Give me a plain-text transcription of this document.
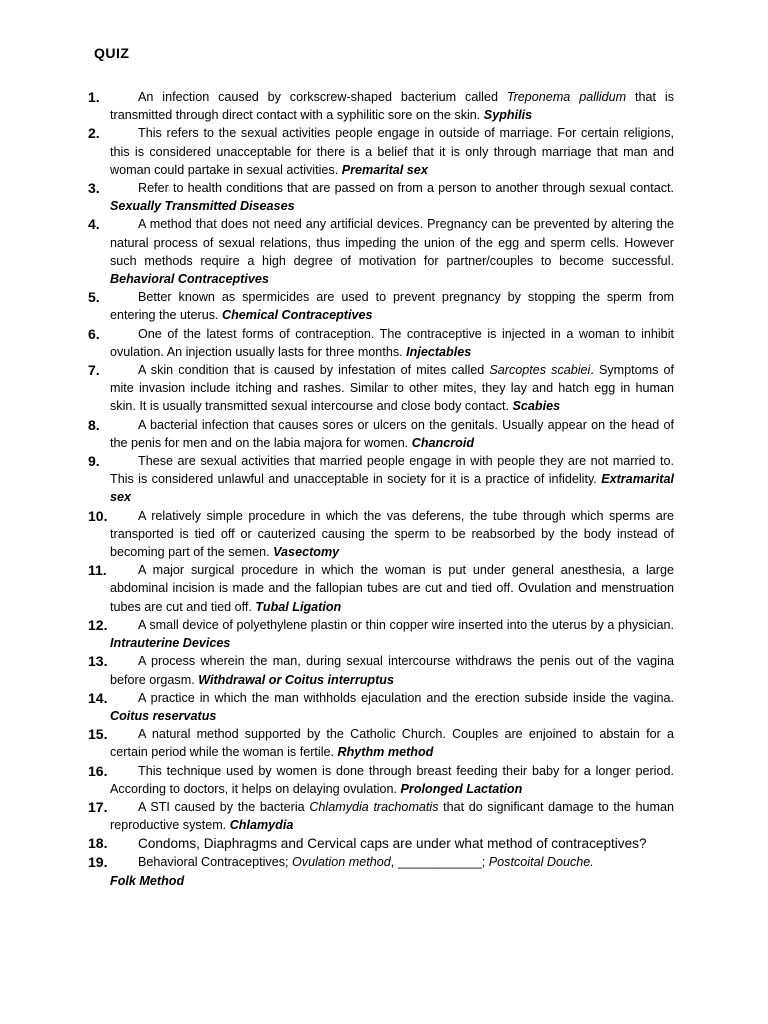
QUIZ
1.	An infection caused by corkscrew-shaped bacterium called Treponema pallidum that is transmitted through direct contact with a syphilitic sore on the skin. Syphilis
2.	This refers to the sexual activities people engage in outside of marriage. For certain religions, this is considered unacceptable for there is a belief that it is only through marriage that man and woman could partake in sexual activities. Premarital sex
3.	Refer to health conditions that are passed on from a person to another through sexual contact. Sexually Transmitted Diseases
4.	A method that does not need any artificial devices. Pregnancy can be prevented by altering the natural process of sexual relations, thus impeding the union of the egg and sperm cells. However such methods require a high degree of motivation for partner/couples to become successful. Behavioral Contraceptives
5.	Better known as spermicides are used to prevent pregnancy by stopping the sperm from entering the uterus. Chemical Contraceptives
6.	One of the latest forms of contraception. The contraceptive is injected in a woman to inhibit ovulation. An injection usually lasts for three months. Injectables
7.	A skin condition that is caused by infestation of mites called Sarcoptes scabiei. Symptoms of mite invasion include itching and rashes. Similar to other mites, they lay and hatch egg in human skin. It is usually transmitted sexual intercourse and close body contact. Scabies
8.	A bacterial infection that causes sores or ulcers on the genitals. Usually appear on the head of the penis for men and on the labia majora for women. Chancroid
9.	These are sexual activities that married people engage in with people they are not married to. This is considered unlawful and unacceptable in society for it is a practice of infidelity. Extramarital sex
10. A relatively simple procedure in which the vas deferens, the tube through which sperms are transported is tied off or cauterized causing the sperm to be reabsorbed by the body instead of becoming part of the semen. Vasectomy
11. A major surgical procedure in which the woman is put under general anesthesia, a large abdominal incision is made and the fallopian tubes are cut and tied off. Ovulation and menstruation tubes are cut and tied off. Tubal Ligation
12. A small device of polyethylene plastin or thin copper wire inserted into the uterus by a physician. Intrauterine Devices
13. A process wherein the man, during sexual intercourse withdraws the penis out of the vagina before orgasm. Withdrawal or Coitus interruptus
14. A practice in which the man withholds ejaculation and the erection subside inside the vagina. Coitus reservatus
15. A natural method supported by the Catholic Church. Couples are enjoined to abstain for a certain period while the woman is fertile. Rhythm method
16. This technique used by women is done through breast feeding their baby for a longer period. According to doctors, it helps on delaying ovulation. Prolonged Lactation
17. A STI caused by the bacteria Chlamydia trachomatis that do significant damage to the human reproductive system. Chlamydia
18. Condoms, Diaphragms and Cervical caps are under what method of contraceptives?
19. Behavioral Contraceptives; Ovulation method, ____________; Postcoital Douche.
Folk Method
